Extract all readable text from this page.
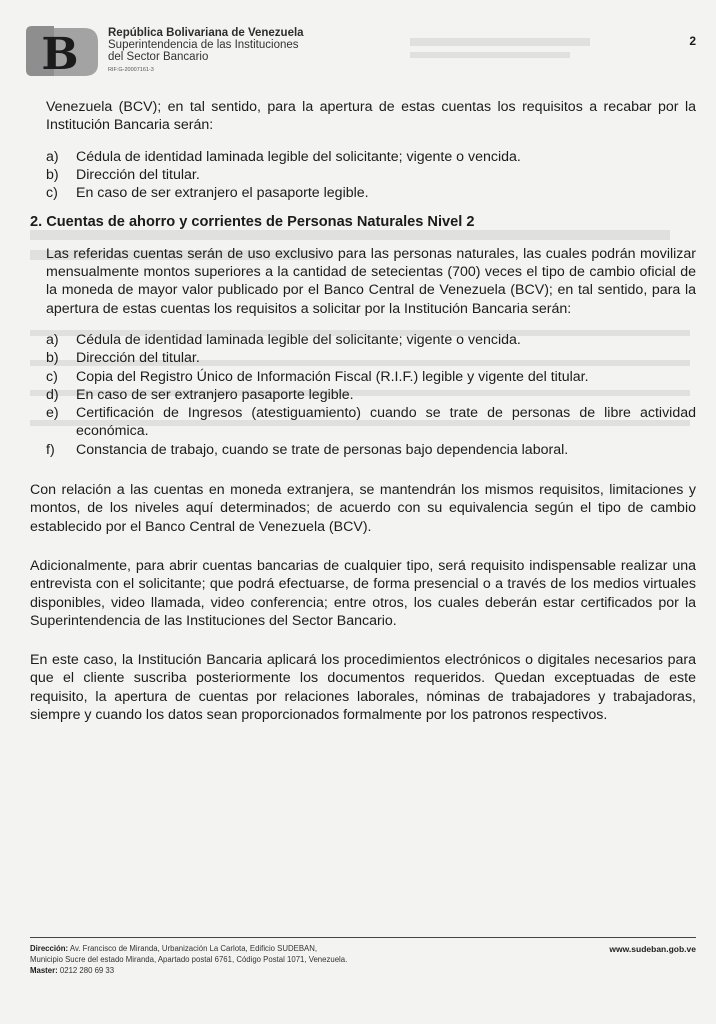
B	República Bolivariana de Venezuela
Superintendencia de las Instituciones
del Sector Bancario
RIF:G-20007161-3
2

Venezuela (BCV); en tal sentido, para la apertura de estas cuentas los requisitos a recabar por la Institución Bancaria serán:

a) Cédula de identidad laminada legible del solicitante; vigente o vencida.
b) Dirección del titular.
c) En caso de ser extranjero el pasaporte legible.
2. Cuentas de ahorro y corrientes de Personas Naturales Nivel 2

Las referidas cuentas serán de uso exclusivo para las personas naturales, las cuales podrán movilizar mensualmente montos superiores a la cantidad de setecientas (700) veces el tipo de cambio oficial de la moneda de mayor valor publicado por el Banco Central de Venezuela (BCV); en tal sentido, para la apertura de estas cuentas los requisitos a solicitar por la Institución Bancaria serán:

a) Cédula de identidad laminada legible del solicitante; vigente o vencida.
b) Dirección del titular.
c) Copia del Registro Único de Información Fiscal (R.I.F.) legible y vigente del titular.
d) En caso de ser extranjero pasaporte legible.
e) Certificación de Ingresos (atestiguamiento) cuando se trate de personas de libre actividad económica.
f) Constancia de trabajo, cuando se trate de personas bajo dependencia laboral.

Con relación a las cuentas en moneda extranjera, se mantendrán los mismos requisitos, limitaciones y montos, de los niveles aquí determinados; de acuerdo con su equivalencia según el tipo de cambio establecido por el Banco Central de Venezuela (BCV).

Adicionalmente, para abrir cuentas bancarias de cualquier tipo, será requisito indispensable realizar una entrevista con el solicitante; que podrá efectuarse, de forma presencial o a través de los medios virtuales disponibles, video llamada, video conferencia; entre otros, los cuales deberán estar certificados por la Superintendencia de las Instituciones del Sector Bancario.

En este caso, la Institución Bancaria aplicará los procedimientos electrónicos o digitales necesarios para que el cliente suscriba posteriormente los documentos requeridos. Quedan exceptuadas de este requisito, la apertura de cuentas por relaciones laborales, nóminas de trabajadores y trabajadoras, siempre y cuando los datos sean proporcionados formalmente por los patronos respectivos.

Dirección: Av. Francisco de Miranda, Urbanización La Carlota, Edificio SUDEBAN,
Municipio Sucre del estado Miranda, Apartado postal 6761, Código Postal 1071, Venezuela.
Master: 0212 280 69 33
www.sudeban.gob.ve
